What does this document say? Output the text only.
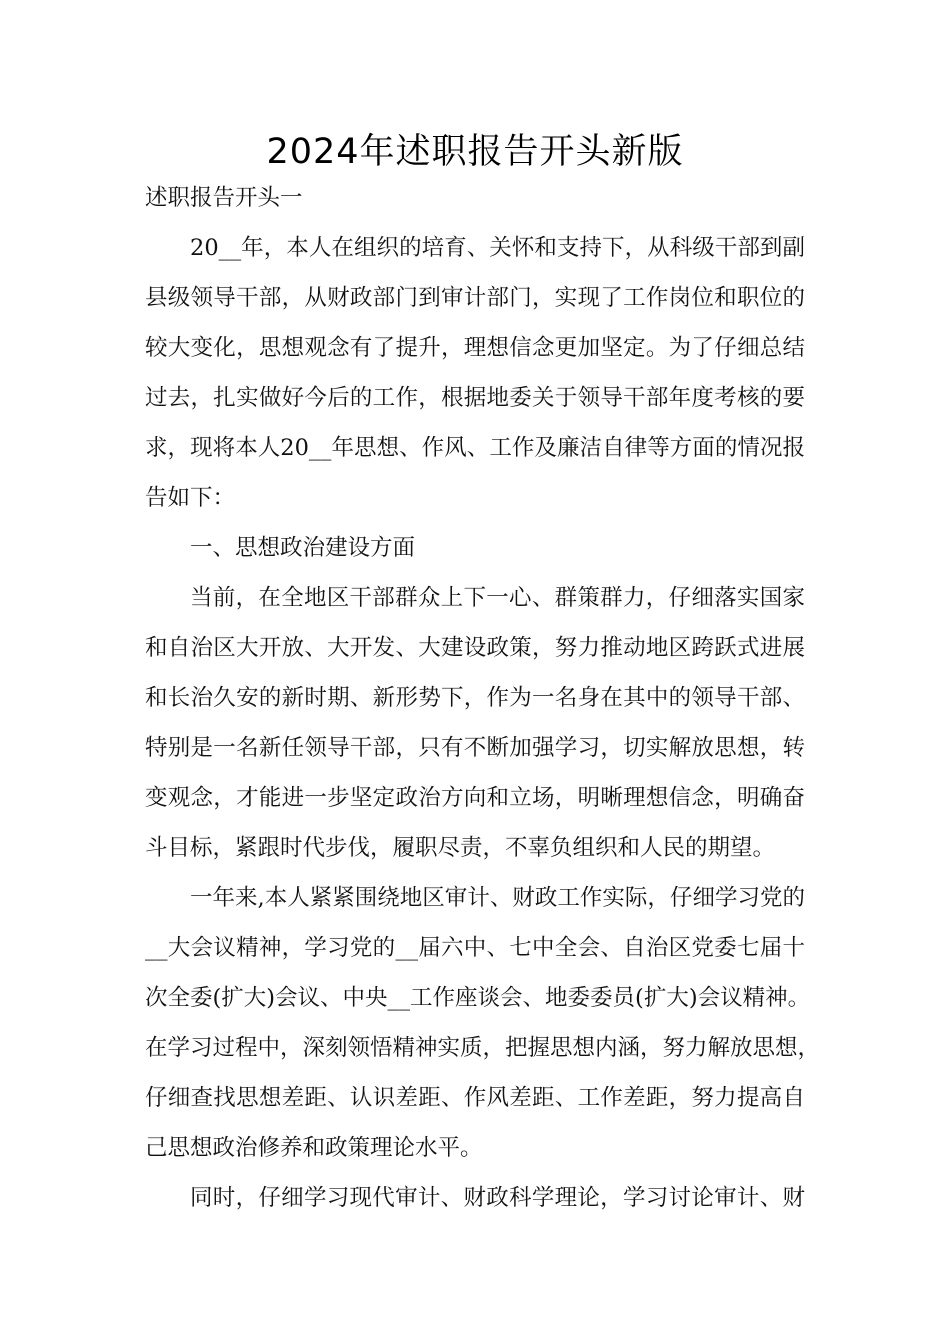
2024年述职报告开头新版
述职报告开头一
20__年，本人在组织的培育、关怀和支持下，从科级干部到副
县级领导干部，从财政部门到审计部门，实现了工作岗位和职位的
较大变化，思想观念有了提升，理想信念更加坚定。为了仔细总结
过去，扎实做好今后的工作，根据地委关于领导干部年度考核的要
求，现将本人20__年思想、作风、工作及廉洁自律等方面的情况报
告如下：
一、思想政治建设方面
当前，在全地区干部群众上下一心、群策群力，仔细落实国家
和自治区大开放、大开发、大建设政策，努力推动地区跨跃式进展
和长治久安的新时期、新形势下，作为一名身在其中的领导干部、
特别是一名新任领导干部，只有不断加强学习，切实解放思想，转
变观念，才能进一步坚定政治方向和立场，明晰理想信念，明确奋
斗目标，紧跟时代步伐，履职尽责，不辜负组织和人民的期望。
一年来,本人紧紧围绕地区审计、财政工作实际，仔细学习党的
__大会议精神，学习党的__届六中、七中全会、自治区党委七届十
次全委(扩大)会议、中央__工作座谈会、地委委员(扩大)会议精神。
在学习过程中，深刻领悟精神实质，把握思想内涵，努力解放思想，
仔细查找思想差距、认识差距、作风差距、工作差距，努力提高自
己思想政治修养和政策理论水平。
同时，仔细学习现代审计、财政科学理论，学习讨论审计、财
